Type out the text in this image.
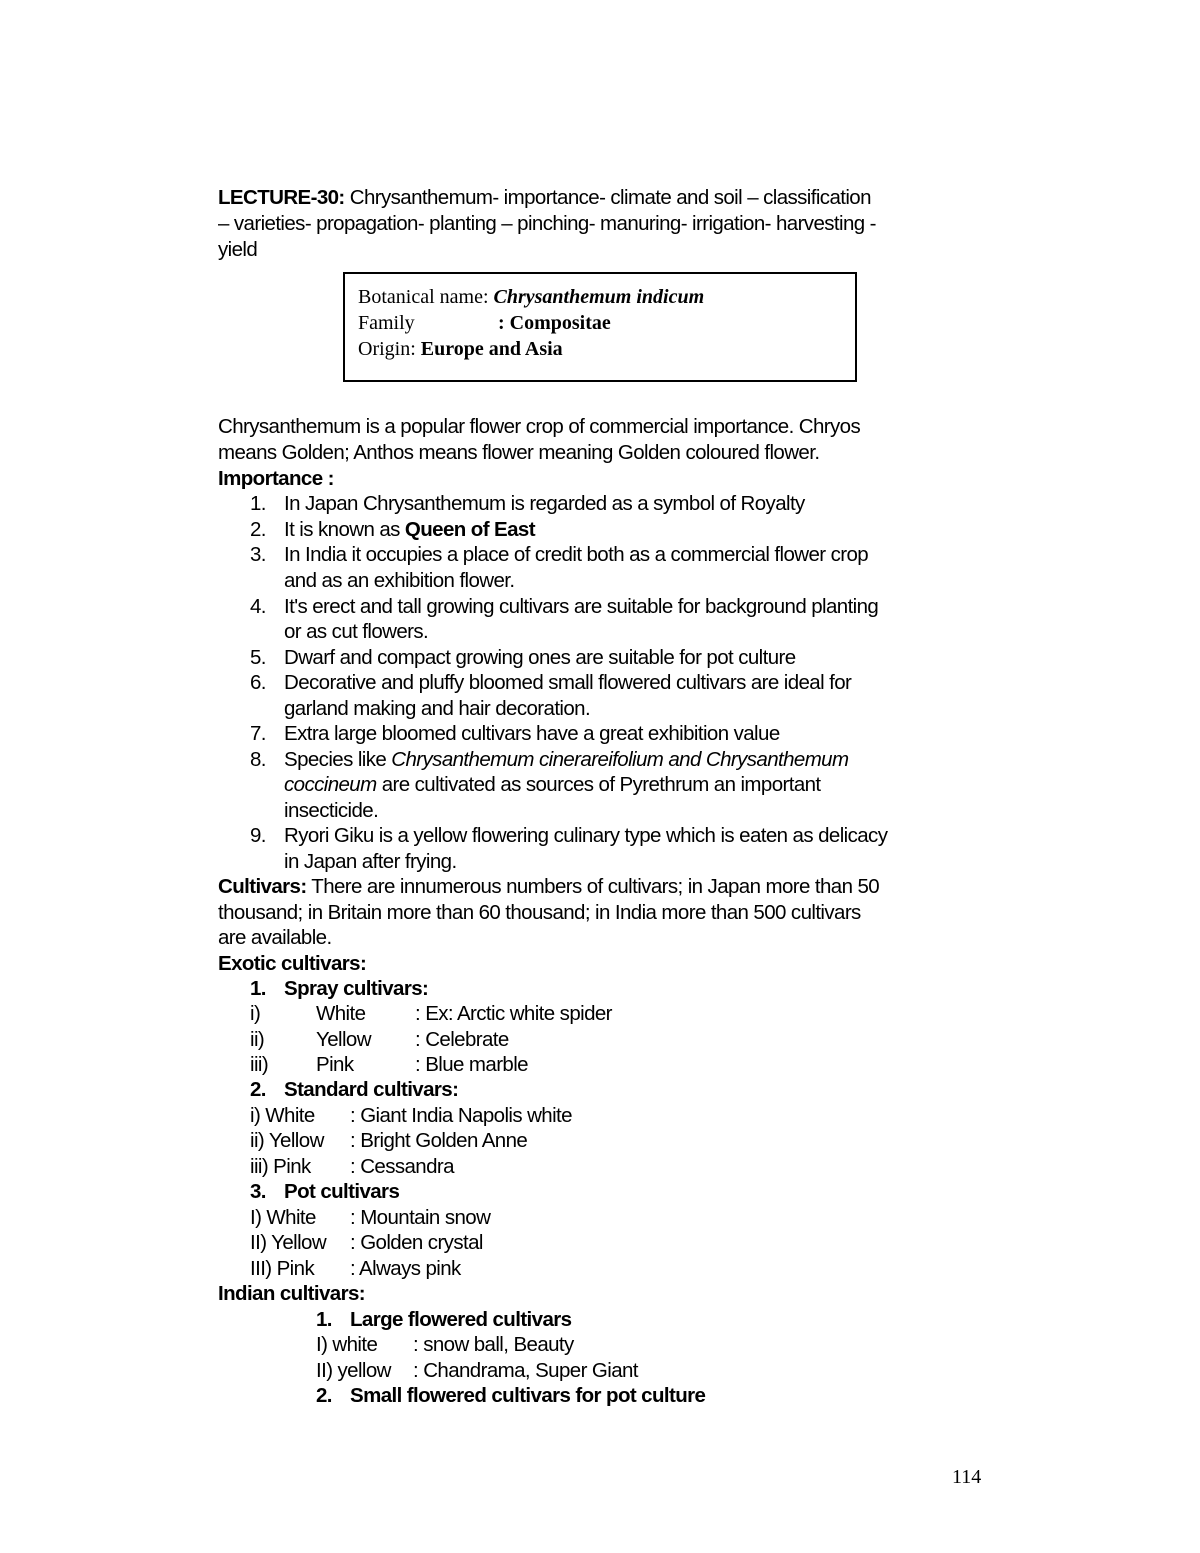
LECTURE-30: Chrysanthemum- importance- climate and soil – classification
– varieties- propagation- planting – pinching- manuring- irrigation- harvesting -
yield
Botanical name: Chrysanthemum indicum
Family	: Compositae
Origin: Europe and Asia
Chrysanthemum is a popular flower crop of commercial importance. Chryos
means Golden; Anthos means flower meaning Golden coloured flower.
Importance :
1. In Japan Chrysanthemum is regarded as a symbol of Royalty
2. It is known as Queen of East
3. In India it occupies a place of credit both as a commercial flower crop
and as an exhibition flower.
4. It's erect and tall growing cultivars are suitable for background planting
or as cut flowers.
5. Dwarf and compact growing ones are suitable for pot culture
6. Decorative and pluffy bloomed small flowered cultivars are ideal for
garland making and hair decoration.
7. Extra large bloomed cultivars have a great exhibition value
8. Species like Chrysanthemum cinerareifolium and Chrysanthemum
coccineum are cultivated as sources of Pyrethrum an important
insecticide.
9. Ryori Giku is a yellow flowering culinary type which is eaten as delicacy
in Japan after frying.
Cultivars: There are innumerous numbers of cultivars; in Japan more than 50
thousand; in Britain more than 60 thousand; in India more than 500 cultivars
are available.
Exotic cultivars:
1. Spray cultivars:
i)	White : Ex: Arctic white spider
ii)	Yellow : Celebrate
iii) Pink	: Blue marble
2. Standard cultivars:
i) White : Giant India Napolis white
ii) Yellow : Bright Golden Anne
iii) Pink : Cessandra
3. Pot cultivars
I) White : Mountain snow
II) Yellow : Golden crystal
III) Pink : Always pink
Indian cultivars:
1. Large flowered cultivars
I) white : snow ball, Beauty
II) yellow : Chandrama, Super Giant
2. Small flowered cultivars for pot culture
114
